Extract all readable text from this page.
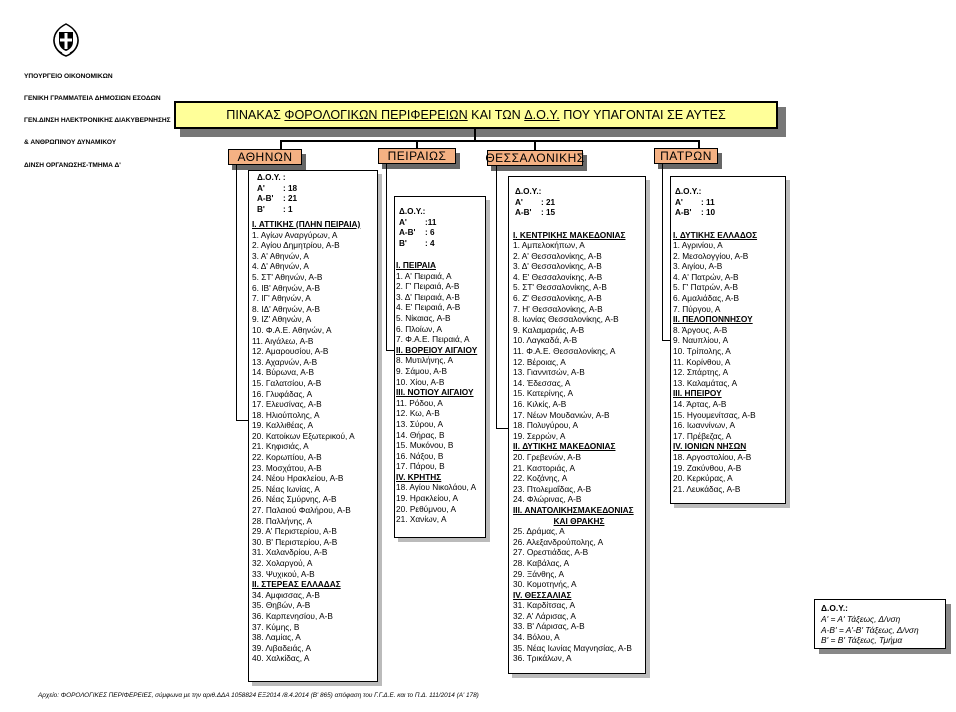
ΥΠΟΥΡΓΕΙΟ ΟΙΚΟΝΟΜΙΚΩΝ

ΓΕΝΙΚΗ ΓΡΑΜΜΑΤΕΙΑ ΔΗΜΟΣΙΩΝ ΕΣΟΔΩΝ

ΓΕΝ.ΔΙΝΣΗ ΗΛΕΚΤΡΟΝΙΚΗΣ ΔΙΑΚΥΒΕΡΝΗΣΗΣ

& ΑΝΘΡΩΠΙΝΟΥ ΔΥΝΑΜΙΚΟΥ

ΔΙΝΣΗ ΟΡΓΑΝΩΣΗΣ-ΤΜΗΜΑ Δ'

ΠΙΝΑΚΑΣ
ΦΟΡΟΛΟΓΙΚΩΝ ΠΕΡΙΦΕΡΕΙΩΝ
ΚΑΙ ΤΩΝ
Δ.Ο.Υ.
ΠΟΥ ΥΠΑΓΟΝΤΑΙ ΣΕ ΑΥΤΕΣ
ΑΘΗΝΩΝ	ΠΕΙΡΑΙΩΣ	ΘΕΣΣΑΛΟΝΙΚΗΣ	ΠΑΤΡΩΝ
Δ.Ο.Υ. :
Α' : 18
Α-Β' : 21
Β' : 1
I. ΑΤΤΙΚΗΣ (ΠΛΗΝ ΠΕΙΡΑΙΑ)
1. Αγίων Αναργύρων, Α
2. Αγίου Δημητρίου, Α-Β
3. Α' Αθηνών, Α
4. Δ' Αθηνών, Α
5. ΣΤ' Αθηνών, Α-Β
6. ΙΒ' Αθηνών, Α-Β
7. ΙΓ' Αθηνών, Α
8. ΙΔ' Αθηνών, Α-Β
9. ΙΖ' Αθηνών, Α
10. Φ.Α.Ε. Αθηνών, Α
11. Αιγάλεω, Α-Β
12. Αμαρουσίου, Α-Β
13. Αχαρνών, Α-Β
14. Βύρωνα, Α-Β
15. Γαλατσίου, Α-Β
16. Γλυφάδας, Α
17. Ελευσίνας, Α-Β
18. Ηλιούπολης, Α
19. Καλλιθέας, Α
20. Κατοίκων Εξωτερικού, Α
21. Κηφισιάς, Α
22. Κορωπίου, Α-Β
23. Μοσχάτου, Α-Β
24. Νέου Ηρακλείου, Α-Β
25. Νέας Ιωνίας, Α
26. Νέας Σμύρνης, Α-Β
27. Παλαιού Φαλήρου, Α-Β
28. Παλλήνης, Α
29. Α' Περιστερίου, Α-Β
30. Β' Περιστερίου, Α-Β
31. Χαλανδρίου, Α-Β
32. Χολαργού, Α
33. Ψυχικού, Α-Β
II. ΣΤΕΡΕΑΣ ΕΛΛΑΔΑΣ
34. Αμφισσας, Α-Β
35. Θηβών, Α-Β
36. Καρπενησίου, Α-Β
37. Κύμης, Β
38. Λαμίας, Α
39. Λιβαδειάς, Α
40. Χαλκίδας, Α
Δ.Ο.Υ.:
Α' :11
Α-Β' : 6
Β' : 4
I. ΠΕΙΡΑΙΑ
1. Α' Πειραιά, Α
2. Γ' Πειραιά, Α-Β
3. Δ' Πειραιά, Α-Β
4. Ε' Πειραιά, Α-Β
5. Νίκαιας, Α-Β
6. Πλοίων, Α
7. Φ.Α.Ε. Πειραιά, Α
II. ΒΟΡΕΙΟΥ ΑΙΓΑΙΟΥ
8. Μυτιλήνης, Α
9. Σάμου, Α-Β
10. Χίου, Α-Β
III. ΝΟΤΙΟΥ ΑΙΓΑΙΟΥ
11. Ρόδου, Α
12. Κω, Α-Β
13. Σύρου, Α
14. Θήρας, Β
15. Μυκόνου, Β
16. Νάξου, Β
17. Πάρου, Β
IV. ΚΡΗΤΗΣ
18. Αγίου Νικολάου, Α
19. Ηρακλείου, Α
20. Ρεθύμνου, Α
21. Χανίων, Α
Δ.Ο.Υ.:
Α' : 21
Α-Β' : 15
I. ΚΕΝΤΡΙΚΗΣ ΜΑΚΕΔΟΝΙΑΣ
1. Αμπελοκήπων, Α
2. Α' Θεσσαλονίκης, Α-Β
3. Δ' Θεσσαλονίκης, Α-Β
4. Ε' Θεσσαλονίκης, Α-Β
5. ΣΤ' Θεσσαλονίκης, Α-Β
6. Ζ' Θεσσαλονίκης, Α-Β
7. Η' Θεσσαλονίκης, Α-Β
8. Ιωνίας Θεσσαλονίκης, Α-Β
9. Καλαμαριάς, Α-Β
10. Λαγκαδά, Α-Β
11. Φ.Α.Ε. Θεσσαλονίκης, Α
12. Βέροιας, Α
13. Γιαννιτσών, Α-Β
14. Έδεσσας, Α
15. Κατερίνης, Α
16. Κιλκίς, Α-Β
17. Νέων Μουδανιών, Α-Β
18. Πολυγύρου, Α
19. Σερρών, Α
II. ΔΥΤΙΚΗΣ ΜΑΚΕΔΟΝΙΑΣ
20. Γρεβενών, Α-Β
21. Καστοριάς, Α
22. Κοζάνης, Α
23. Πτολεμαΐδας, Α-Β
24. Φλώρινας, Α-Β
III. ΑΝΑΤΟΛΙΚΗΣΜΑΚΕΔΟΝΙΑΣ
ΚΑΙ ΘΡΑΚΗΣ
25. Δράμας, Α
26. Αλεξανδρούπολης, Α
27. Ορεστιάδας, Α-Β
28. Καβάλας, Α
29. Ξάνθης, Α
30. Κομοτηνής, Α
IV. ΘΕΣΣΑΛΙΑΣ
31. Καρδίτσας, Α
32. Α' Λάρισας, Α
33. Β' Λάρισας, Α-Β
34. Βόλου, Α
35. Νέας Ιωνίας Μαγνησίας, Α-Β
36. Τρικάλων, Α
Δ.Ο.Υ.:
Α' : 11
Α-Β' : 10
I. ΔΥΤΙΚΗΣ ΕΛΛΑΔΟΣ
1. Αγρινίου, Α
2. Μεσολογγίου, Α-Β
3. Αιγίου, Α-Β
4. Α' Πατρών, Α-Β
5. Γ' Πατρών, Α-Β
6. Αμαλιάδας, Α-Β
7. Πύργου, Α
II. ΠΕΛΟΠΟΝΝΗΣΟΥ
8. Άργους, Α-Β
9. Ναυπλίου, Α
10. Τρίπολης, Α
11. Κορίνθου, Α
12. Σπάρτης, Α
13. Καλαμάτας, Α
III. ΗΠΕΙΡΟΥ
14. Άρτας, Α-Β
15. Ηγουμενίτσας, Α-Β
16. Ιωαννίνων, Α
17. Πρέβεζας, Α
IV. ΙΟΝΙΩΝ ΝΗΣΩΝ
18. Αργοστολίου, Α-Β
19. Ζακύνθου, Α-Β
20. Κερκύρας, Α
21. Λευκάδας, Α-Β
Δ.Ο.Υ.:
Α' = Α' Τάξεως, Δ/νση
Α-Β' = Α'-Β' Τάξεως, Δ/νση
Β' = Β' Τάξεως, Τμήμα
Αρχείο: ΦΟΡΟΛΟΓΙΚΕΣ ΠΕΡΙΦΕΡΕΙΕΣ, σύμφωνα με την αριθ.ΔΔΑ 1058824 ΕΞ2014 /8.4.2014 (Β' 865) απόφαση του Γ.Γ.Δ.Ε. και το Π.Δ. 111/2014 (Α' 178)
